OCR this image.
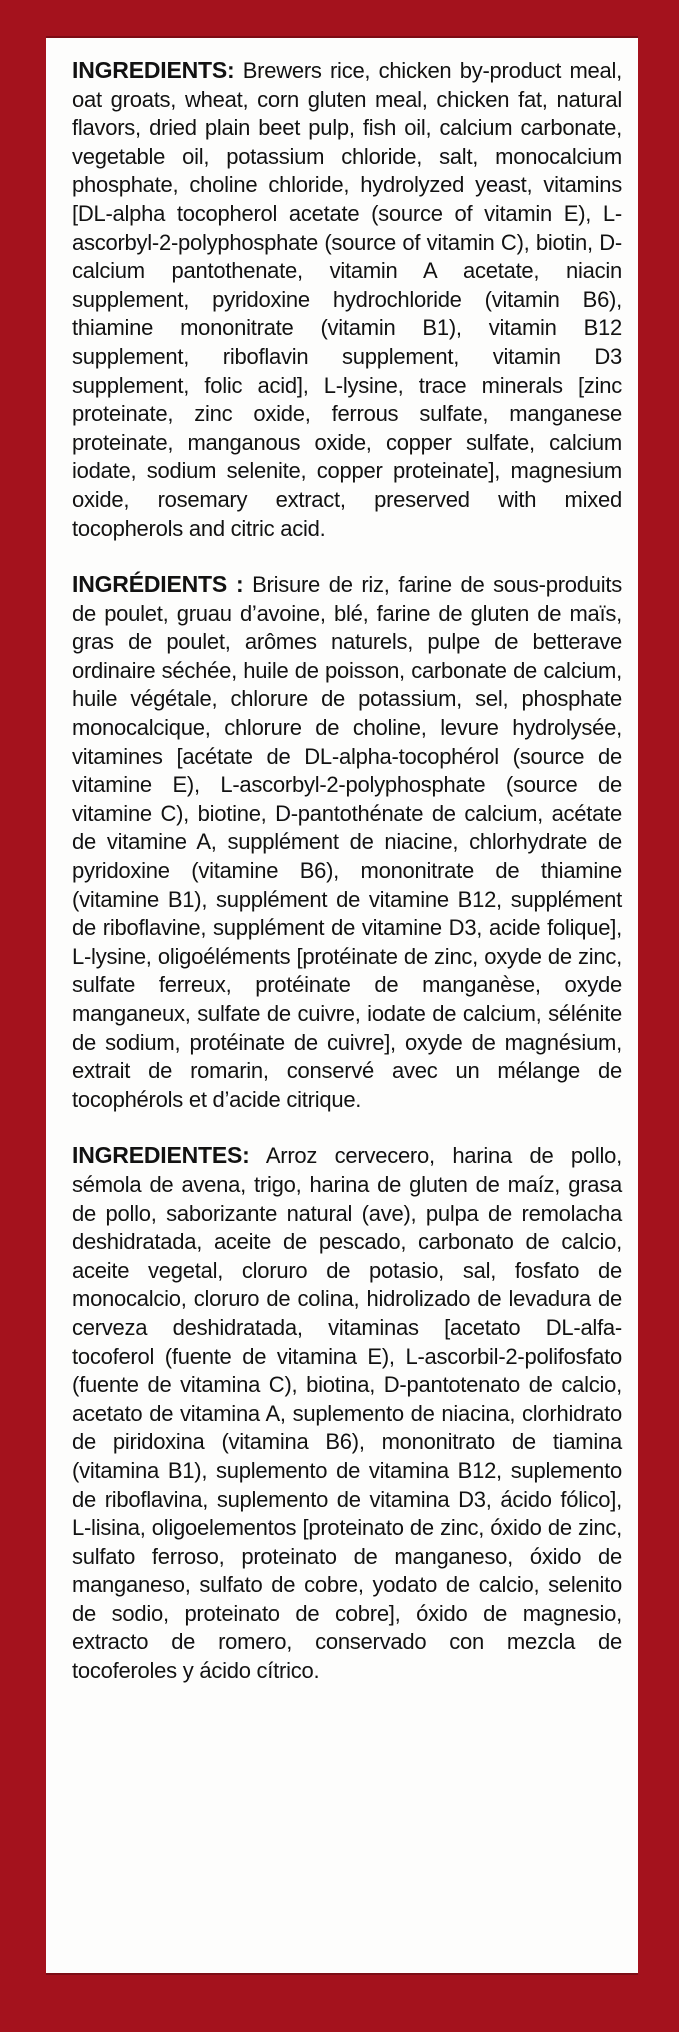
INGREDIENTS: Brewers rice, chicken by-product meal, oat groats, wheat, corn gluten meal, chicken fat, natural flavors, dried plain beet pulp, fish oil, calcium carbonate, vegetable oil, potassium chloride, salt, monocalcium phosphate, choline chloride, hydrolyzed yeast, vitamins [DL-alpha tocopherol acetate (source of vitamin E), L-ascorbyl-2-polyphosphate (source of vitamin C), biotin, D-calcium pantothenate, vitamin A acetate, niacin supplement, pyridoxine hydrochloride (vitamin B6), thiamine mononitrate (vitamin B1), vitamin B12 supplement, riboflavin supplement, vitamin D3 supplement, folic acid], L-lysine, trace minerals [zinc proteinate, zinc oxide, ferrous sulfate, manganese proteinate, manganous oxide, copper sulfate, calcium iodate, sodium selenite, copper proteinate], magnesium oxide, rosemary extract, preserved with mixed tocopherols and citric acid.

INGRÉDIENTS : Brisure de riz, farine de sous-produits de poulet, gruau d’avoine, blé, farine de gluten de maïs, gras de poulet, arômes naturels, pulpe de betterave ordinaire séchée, huile de poisson, carbonate de calcium, huile végétale, chlorure de potassium, sel, phosphate monocalcique, chlorure de choline, levure hydrolysée, vitamines [acétate de DL-alpha-tocophérol (source de vitamine E), L-ascorbyl-2-polyphosphate (source de vitamine C), biotine, D-pantothénate de calcium, acétate de vitamine A, supplément de niacine, chlorhydrate de pyridoxine (vitamine B6), mononitrate de thiamine (vitamine B1), supplément de vitamine B12, supplément de riboflavine, supplément de vitamine D3, acide folique], L-lysine, oligoéléments [protéinate de zinc, oxyde de zinc, sulfate ferreux, protéinate de manganèse, oxyde manganeux, sulfate de cuivre, iodate de calcium, sélénite de sodium, protéinate de cuivre], oxyde de magnésium, extrait de romarin, conservé avec un mélange de tocophérols et d’acide citrique.

INGREDIENTES: Arroz cervecero, harina de pollo, sémola de avena, trigo, harina de gluten de maíz, grasa de pollo, saborizante natural (ave), pulpa de remolacha deshidratada, aceite de pescado, carbonato de calcio, aceite vegetal, cloruro de potasio, sal, fosfato de monocalcio, cloruro de colina, hidrolizado de levadura de cerveza deshidratada, vitaminas [acetato DL-alfa-tocoferol (fuente de vitamina E), L-ascorbil-2-polifosfato (fuente de vitamina C), biotina, D-pantotenato de calcio, acetato de vitamina A, suplemento de niacina, clorhidrato de piridoxina (vitamina B6), mononitrato de tiamina (vitamina B1), suplemento de vitamina B12, suplemento de riboflavina, suplemento de vitamina D3, ácido fólico], L-lisina, oligoelementos [proteinato de zinc, óxido de zinc, sulfato ferroso, proteinato de manganeso, óxido de manganeso, sulfato de cobre, yodato de calcio, selenito de sodio, proteinato de cobre], óxido de magnesio, extracto de romero, conservado con mezcla de tocoferoles y ácido cítrico.
